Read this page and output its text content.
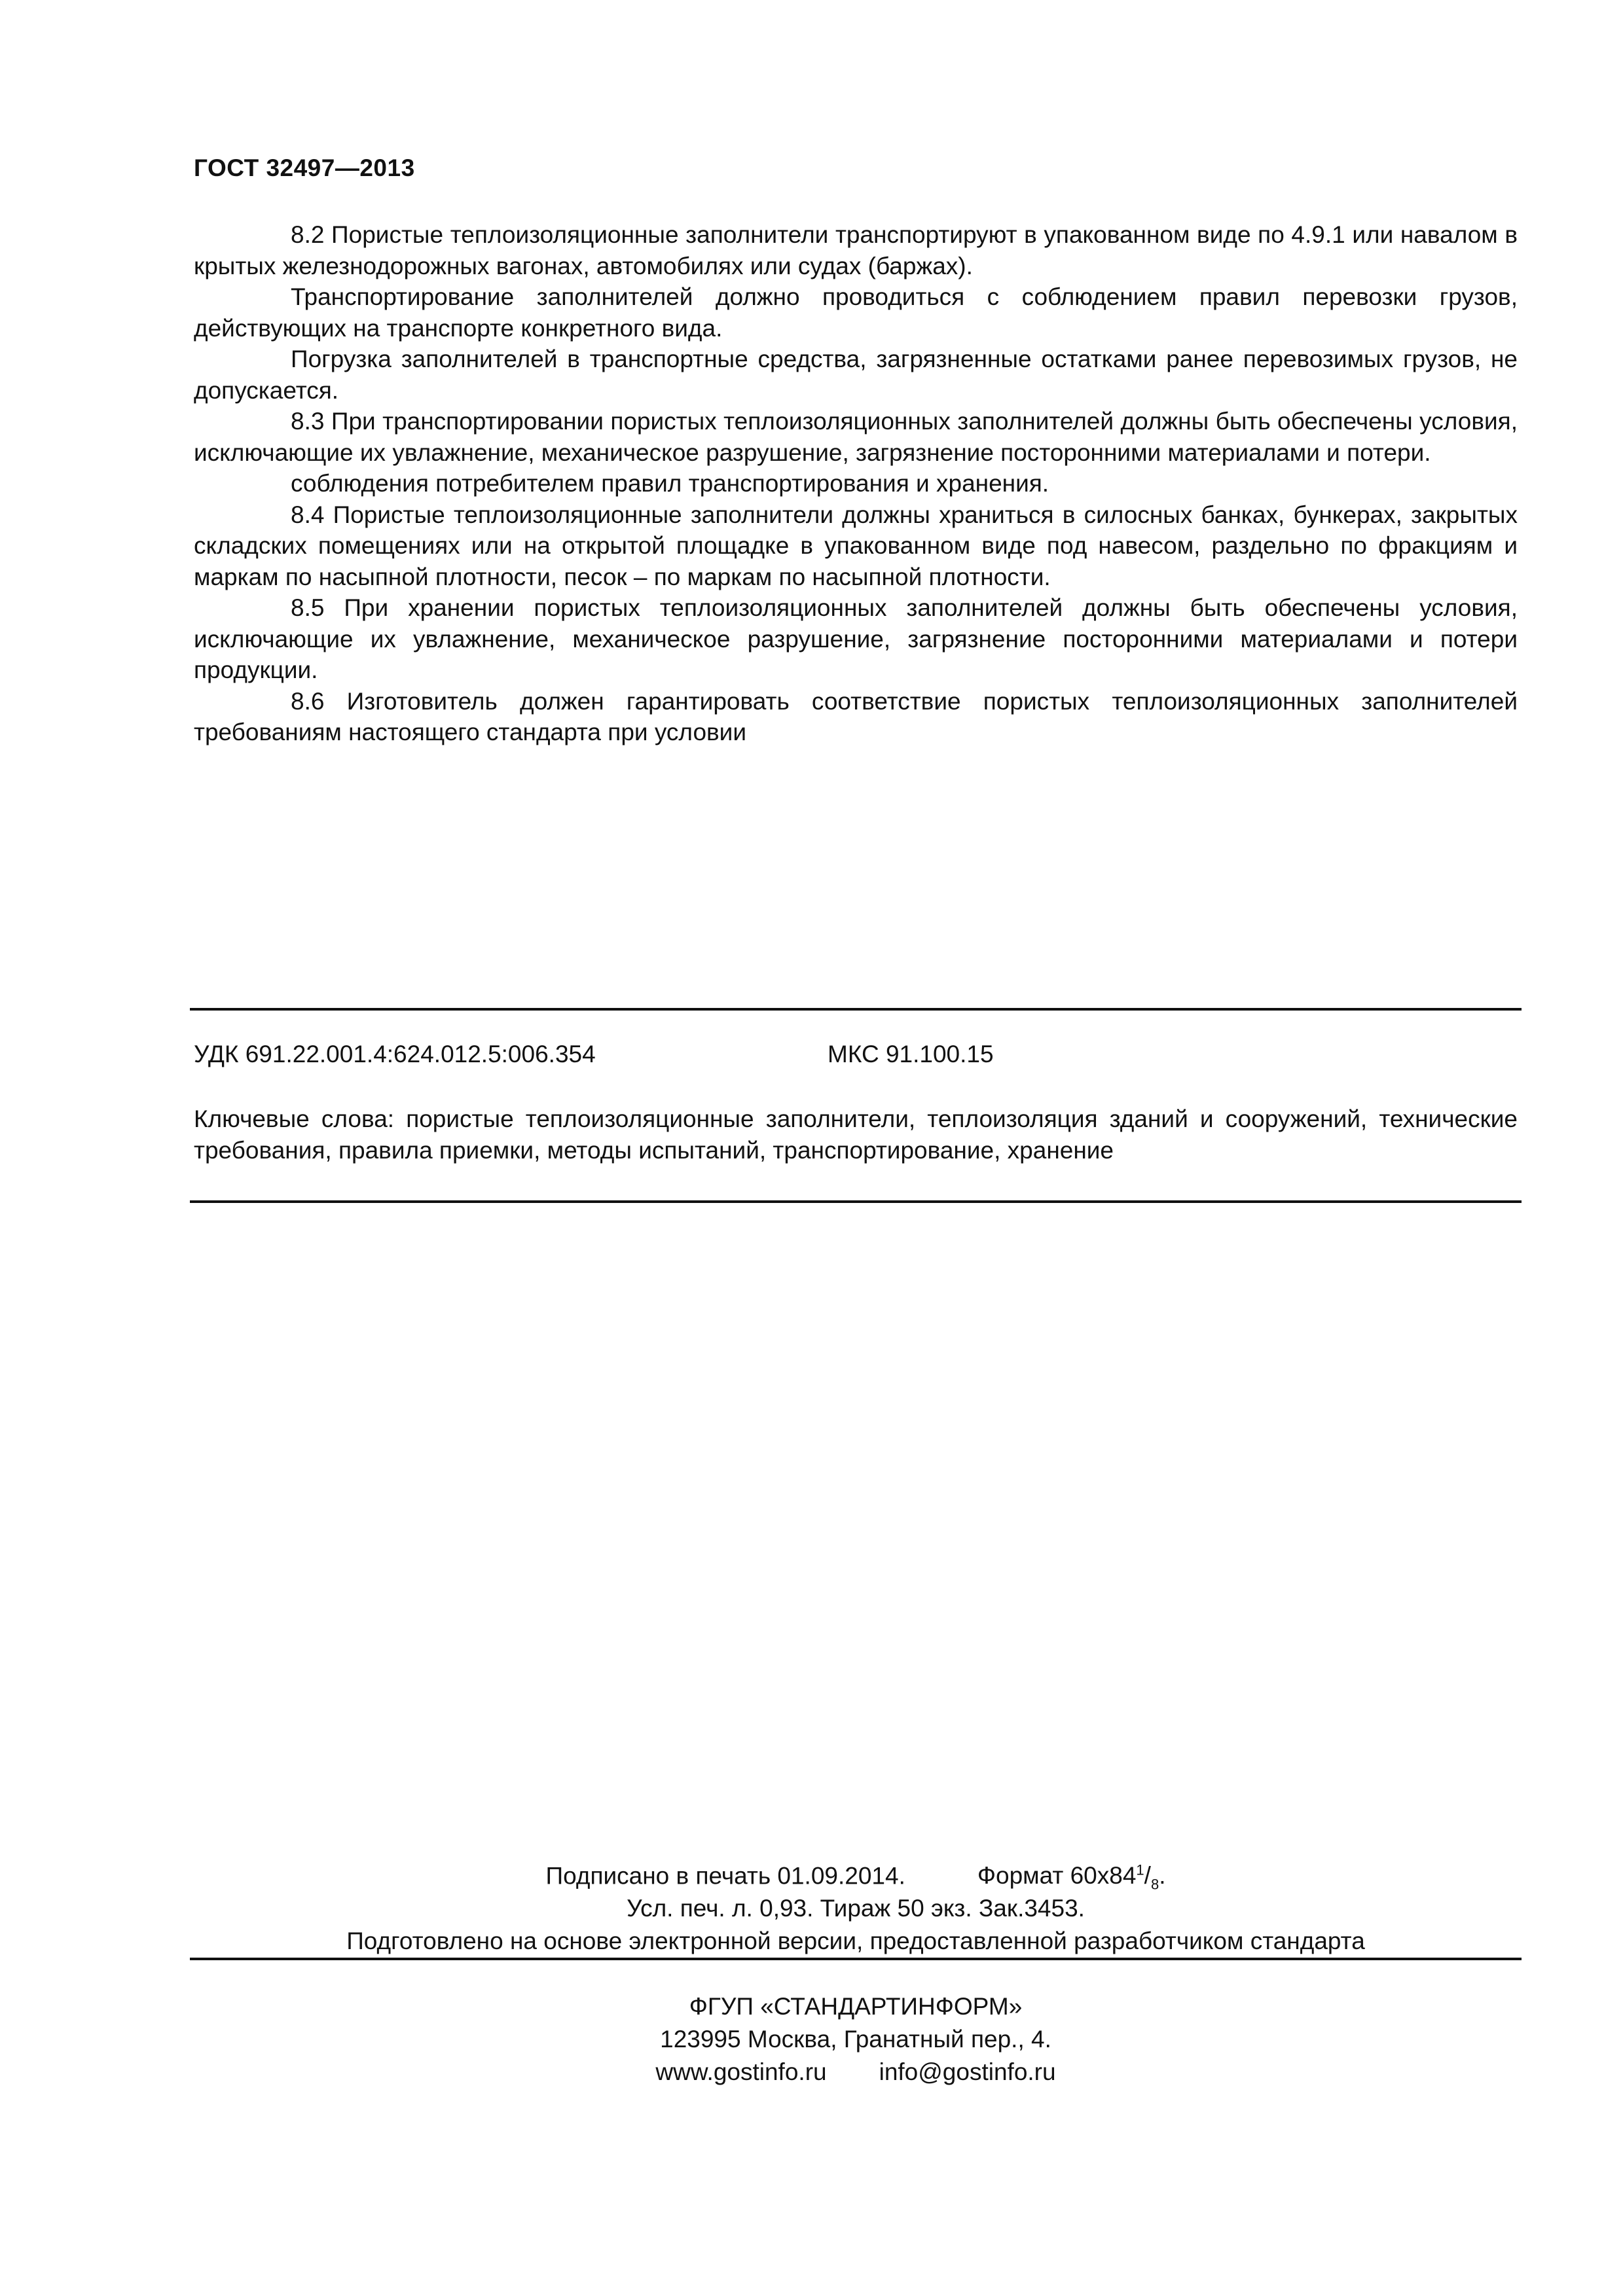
ГОСТ 32497—2013

8.2 Пористые теплоизоляционные заполнители транспортируют в упакованном виде по 4.9.1 или навалом в крытых железнодорожных вагонах, автомобилях или судах (баржах).

Транспортирование заполнителей должно проводиться с соблюдением правил перевозки грузов, действующих на транспорте конкретного вида.

Погрузка заполнителей в транспортные средства, загрязненные остатками ранее перевозимых грузов, не допускается.

8.3 При транспортировании пористых теплоизоляционных заполнителей должны быть обеспечены условия, исключающие их увлажнение, механическое разрушение, загрязнение посторонними материалами и потери.

соблюдения потребителем правил транспортирования и хранения.

8.4 Пористые теплоизоляционные заполнители должны храниться в силосных банках, бункерах, закрытых складских помещениях или на открытой площадке в упакованном виде под навесом, раздельно по фракциям и маркам по насыпной плотности, песок – по маркам по насыпной плотности.

8.5 При хранении пористых теплоизоляционных заполнителей должны быть обеспечены условия, исключающие их увлажнение, механическое разрушение, загрязнение посторонними материалами и потери продукции.

8.6 Изготовитель должен гарантировать соответствие пористых теплоизоляционных заполнителей требованиям настоящего стандарта при условии

УДК 691.22.001.4:624.012.5:006.354	МКС 91.100.15

Ключевые слова: пористые теплоизоляционные заполнители, теплоизоляция зданий и сооружений, технические требования, правила приемки, методы испытаний, транспортирование, хранение

Подписано в печать 01.09.2014.	Формат $60х84^1/_8$.
Усл. печ. л. 0,93. Тираж 50 экз. Зак.3453.
Подготовлено на основе электронной версии, предоставленной разработчиком стандарта
ФГУП «СТАНДАРТИНФОРМ»
123995 Москва, Гранатный пер., 4.
www.gostinfo.ru info@gostinfo.ru
